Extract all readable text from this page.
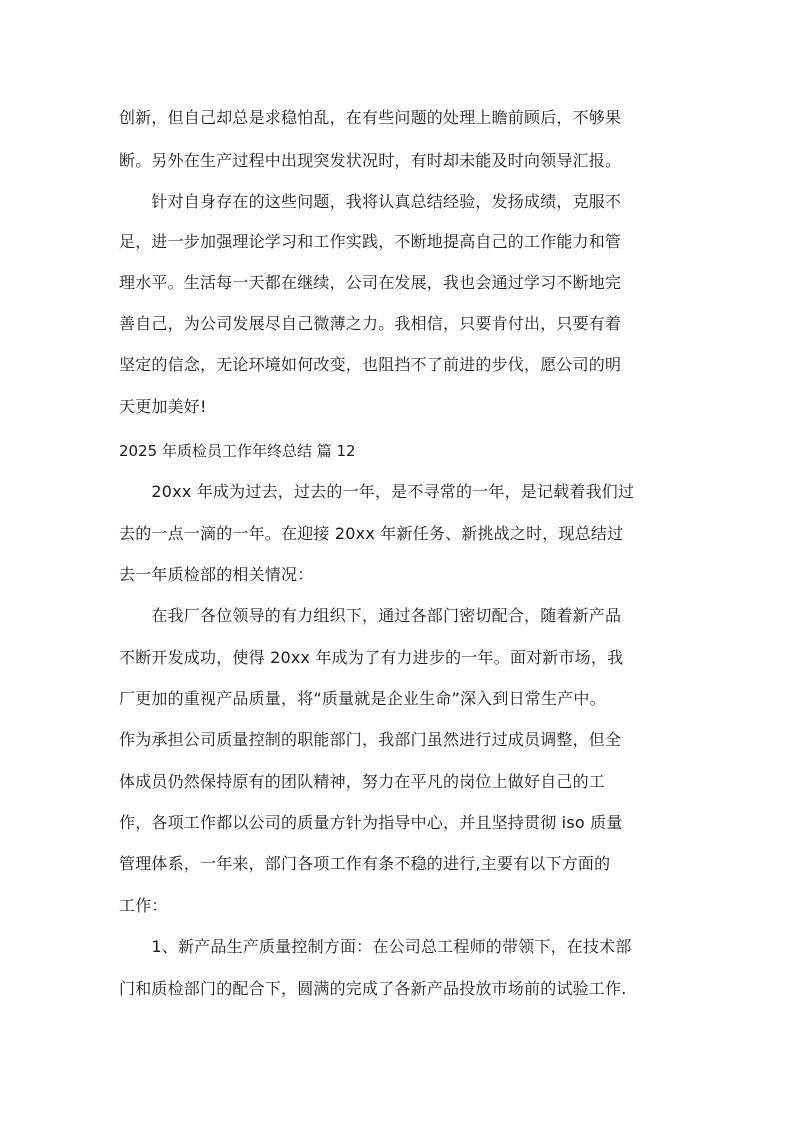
创新，但自己却总是求稳怕乱，在有些问题的处理上瞻前顾后，不够果
断。另外在生产过程中出现突发状况时，有时却未能及时向领导汇报。
　　针对自身存在的这些问题，我将认真总结经验，发扬成绩，克服不
足，进一步加强理论学习和工作实践，不断地提高自己的工作能力和管
理水平。生活每一天都在继续，公司在发展，我也会通过学习不断地完
善自己，为公司发展尽自己微薄之力。我相信，只要肯付出，只要有着
坚定的信念，无论环境如何改变，也阻挡不了前进的步伐，愿公司的明
天更加美好!
2025 年质检员工作年终总结 篇 12
　　20xx 年成为过去，过去的一年，是不寻常的一年，是记载着我们过
去的一点一滴的一年。在迎接 20xx 年新任务、新挑战之时，现总结过
去一年质检部的相关情况：
　　在我厂各位领导的有力组织下，通过各部门密切配合，随着新产品
不断开发成功，使得 20xx 年成为了有力进步的一年。面对新市场，我
厂更加的重视产品质量，将“质量就是企业生命”深入到日常生产中。
作为承担公司质量控制的职能部门，我部门虽然进行过成员调整，但全
体成员仍然保持原有的团队精神，努力在平凡的岗位上做好自己的工
作，各项工作都以公司的质量方针为指导中心，并且坚持贯彻 iso 质量
管理体系，一年来，部门各项工作有条不稳的进行,主要有以下方面的
工作：
　　1、新产品生产质量控制方面：在公司总工程师的带领下，在技术部
门和质检部门的配合下，圆满的完成了各新产品投放市场前的试验工作.
